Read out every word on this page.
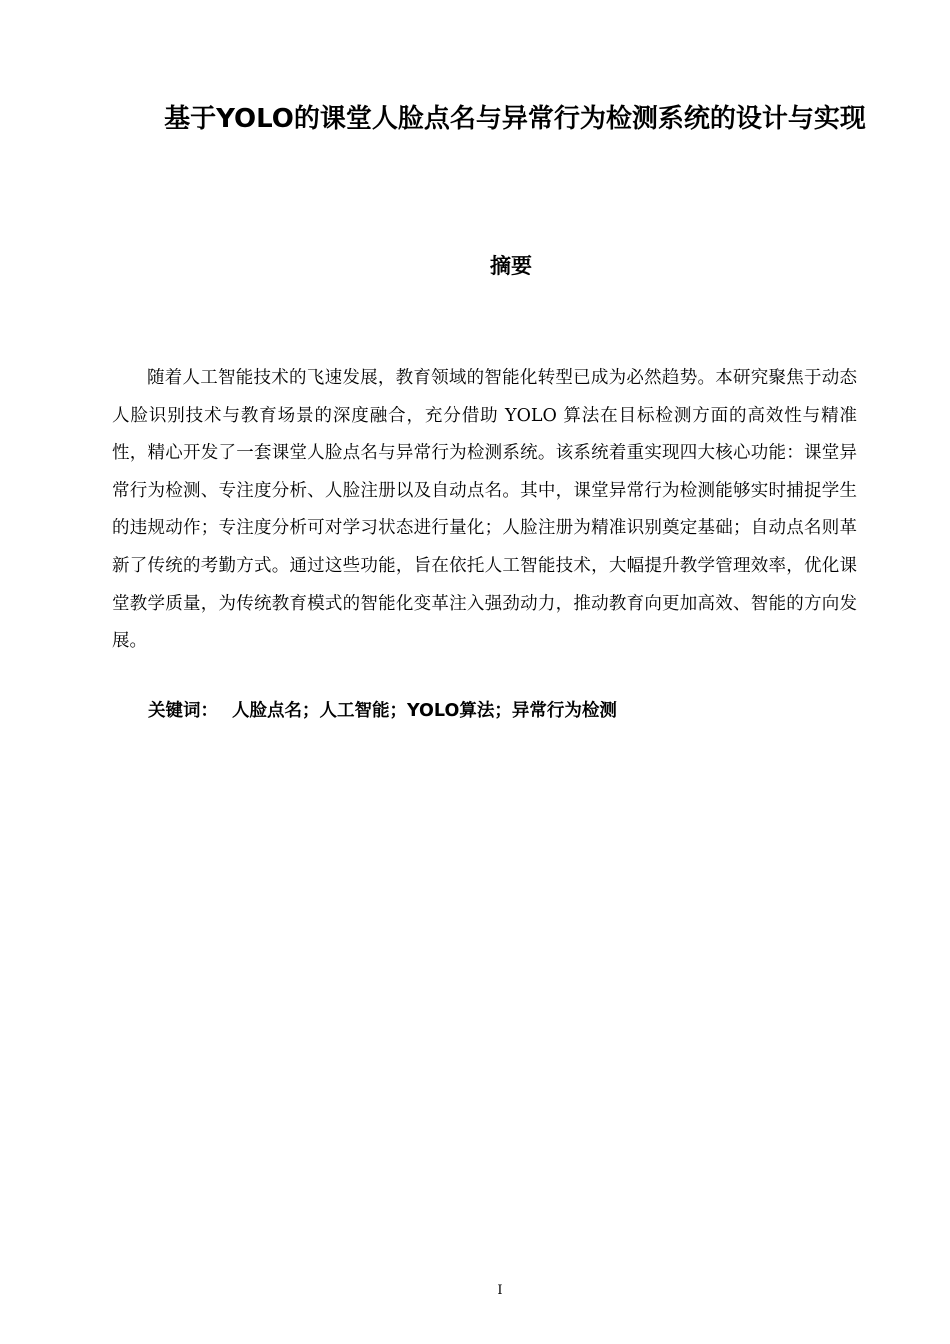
基于YOLO的课堂人脸点名与异常行为检测系统的设计与实现
摘要

随着人工智能技术的飞速发展，教育领域的智能化转型已成为必然趋势。本研究聚焦于动态人脸识别技术与教育场景的深度融合，充分借助 YOLO 算法在目标检测方面的高效性与精准性，精心开发了一套课堂人脸点名与异常行为检测系统。该系统着重实现四大核心功能：课堂异常行为检测、专注度分析、人脸注册以及自动点名。其中，课堂异常行为检测能够实时捕捉学生的违规动作；专注度分析可对学习状态进行量化；人脸注册为精准识别奠定基础；自动点名则革新了传统的考勤方式。通过这些功能，旨在依托人工智能技术，大幅提升教学管理效率，优化课堂教学质量，为传统教育模式的智能化变革注入强劲动力，推动教育向更加高效、智能的方向发展。

关键词： 人脸点名；人工智能；YOLO算法；异常行为检测

I
